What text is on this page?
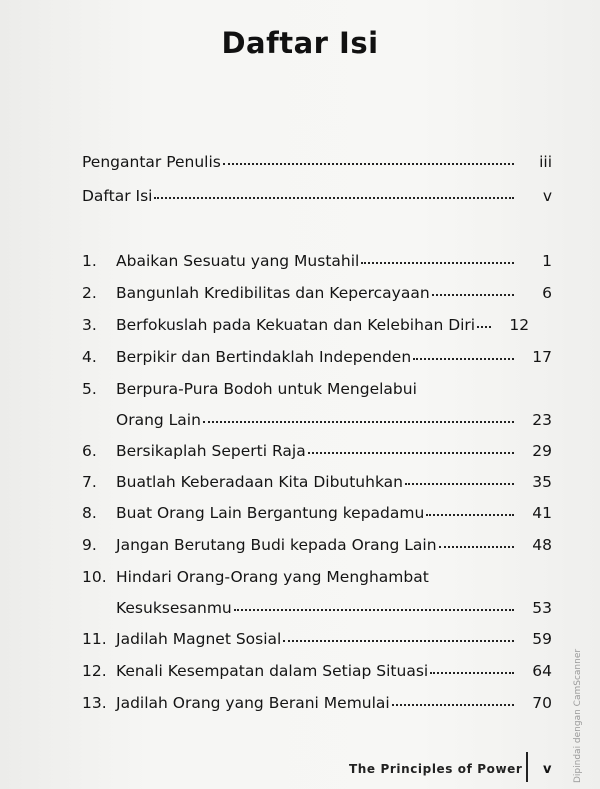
Daftar Isi
Pengantar Penulis	iii
Daftar Isi	v
1.	Abaikan Sesuatu yang Mustahil	1
2.	Bangunlah Kredibilitas dan Kepercayaan	6
3.	Berfokuslah pada Kekuatan dan Kelebihan Diri	12
4.	Berpikir dan Bertindaklah Independen	17
5.	Berpura-Pura Bodoh untuk Mengelabui
Orang Lain	23
6.	Bersikaplah Seperti Raja	29
7.	Buatlah Keberadaan Kita Dibutuhkan	35
8.	Buat Orang Lain Bergantung kepadamu	41
9.	Jangan Berutang Budi kepada Orang Lain	48
10. Hindari Orang-Orang yang Menghambat
Kesuksesanmu	53
11. Jadilah Magnet Sosial	59
12. Kenali Kesempatan dalam Setiap Situasi	64
13. Jadilah Orang yang Berani Memulai	70
The Principles of Power v Dipindai dengan CamScanner
